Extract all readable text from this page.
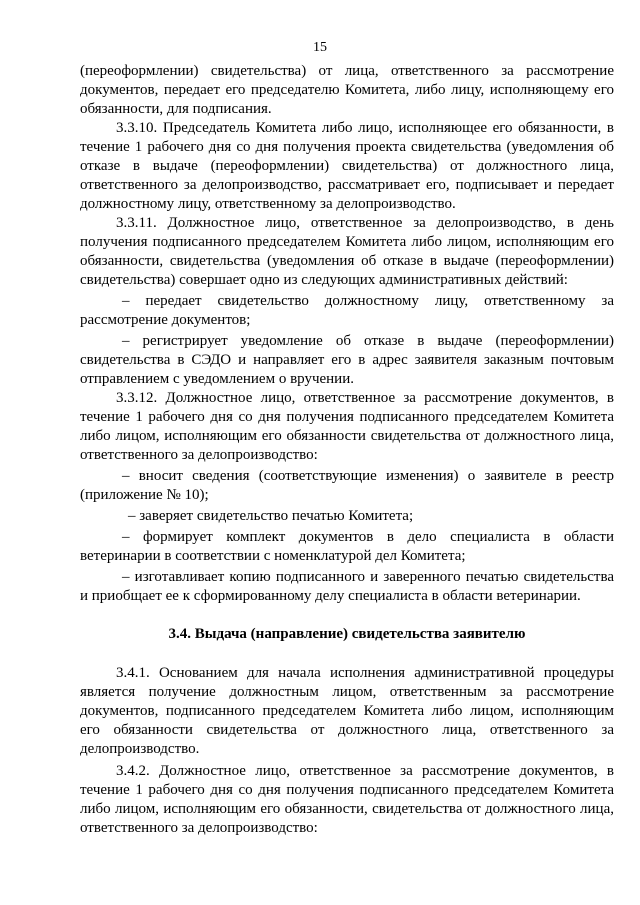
15

(переоформлении) свидетельства) от лица, ответственного за рассмотрение документов, передает его председателю Комитета, либо лицу, исполняющему его обязанности, для подписания.

3.3.10. Председатель Комитета либо лицо, исполняющее его обязанности, в течение 1 рабочего дня со дня получения проекта свидетельства (уведомления об отказе в выдаче (переоформлении) свидетельства) от должностного лица, ответственного за делопроизводство, рассматривает его, подписывает и передает должностному лицу, ответственному за делопроизводство.

3.3.11. Должностное лицо, ответственное за делопроизводство, в день получения подписанного председателем Комитета либо лицом, исполняющим его обязанности, свидетельства (уведомления об отказе в выдаче (переоформлении) свидетельства) совершает одно из следующих административных действий:

– передает свидетельство должностному лицу, ответственному за рассмотрение документов;

– регистрирует уведомление об отказе в выдаче (переоформлении) свидетельства в СЭДО и направляет его в адрес заявителя заказным почтовым отправлением с уведомлением о вручении.

3.3.12. Должностное лицо, ответственное за рассмотрение документов, в течение 1 рабочего дня со дня получения подписанного председателем Комитета либо лицом, исполняющим его обязанности свидетельства от должностного лица, ответственного за делопроизводство:

– вносит сведения (соответствующие изменения) о заявителе в реестр (приложение № 10);

– заверяет свидетельство печатью Комитета;

– формирует комплект документов в дело специалиста в области ветеринарии в соответствии с номенклатурой дел Комитета;

– изготавливает копию подписанного и заверенного печатью свидетельства и приобщает ее к сформированному делу специалиста в области ветеринарии.

3.4. Выдача (направление) свидетельства заявителю

3.4.1. Основанием для начала исполнения административной процедуры является получение должностным лицом, ответственным за рассмотрение документов, подписанного председателем Комитета либо лицом, исполняющим его обязанности свидетельства от должностного лица, ответственного за делопроизводство.

3.4.2. Должностное лицо, ответственное за рассмотрение документов, в течение 1 рабочего дня со дня получения подписанного председателем Комитета либо лицом, исполняющим его обязанности, свидетельства от должностного лица, ответственного за делопроизводство:
